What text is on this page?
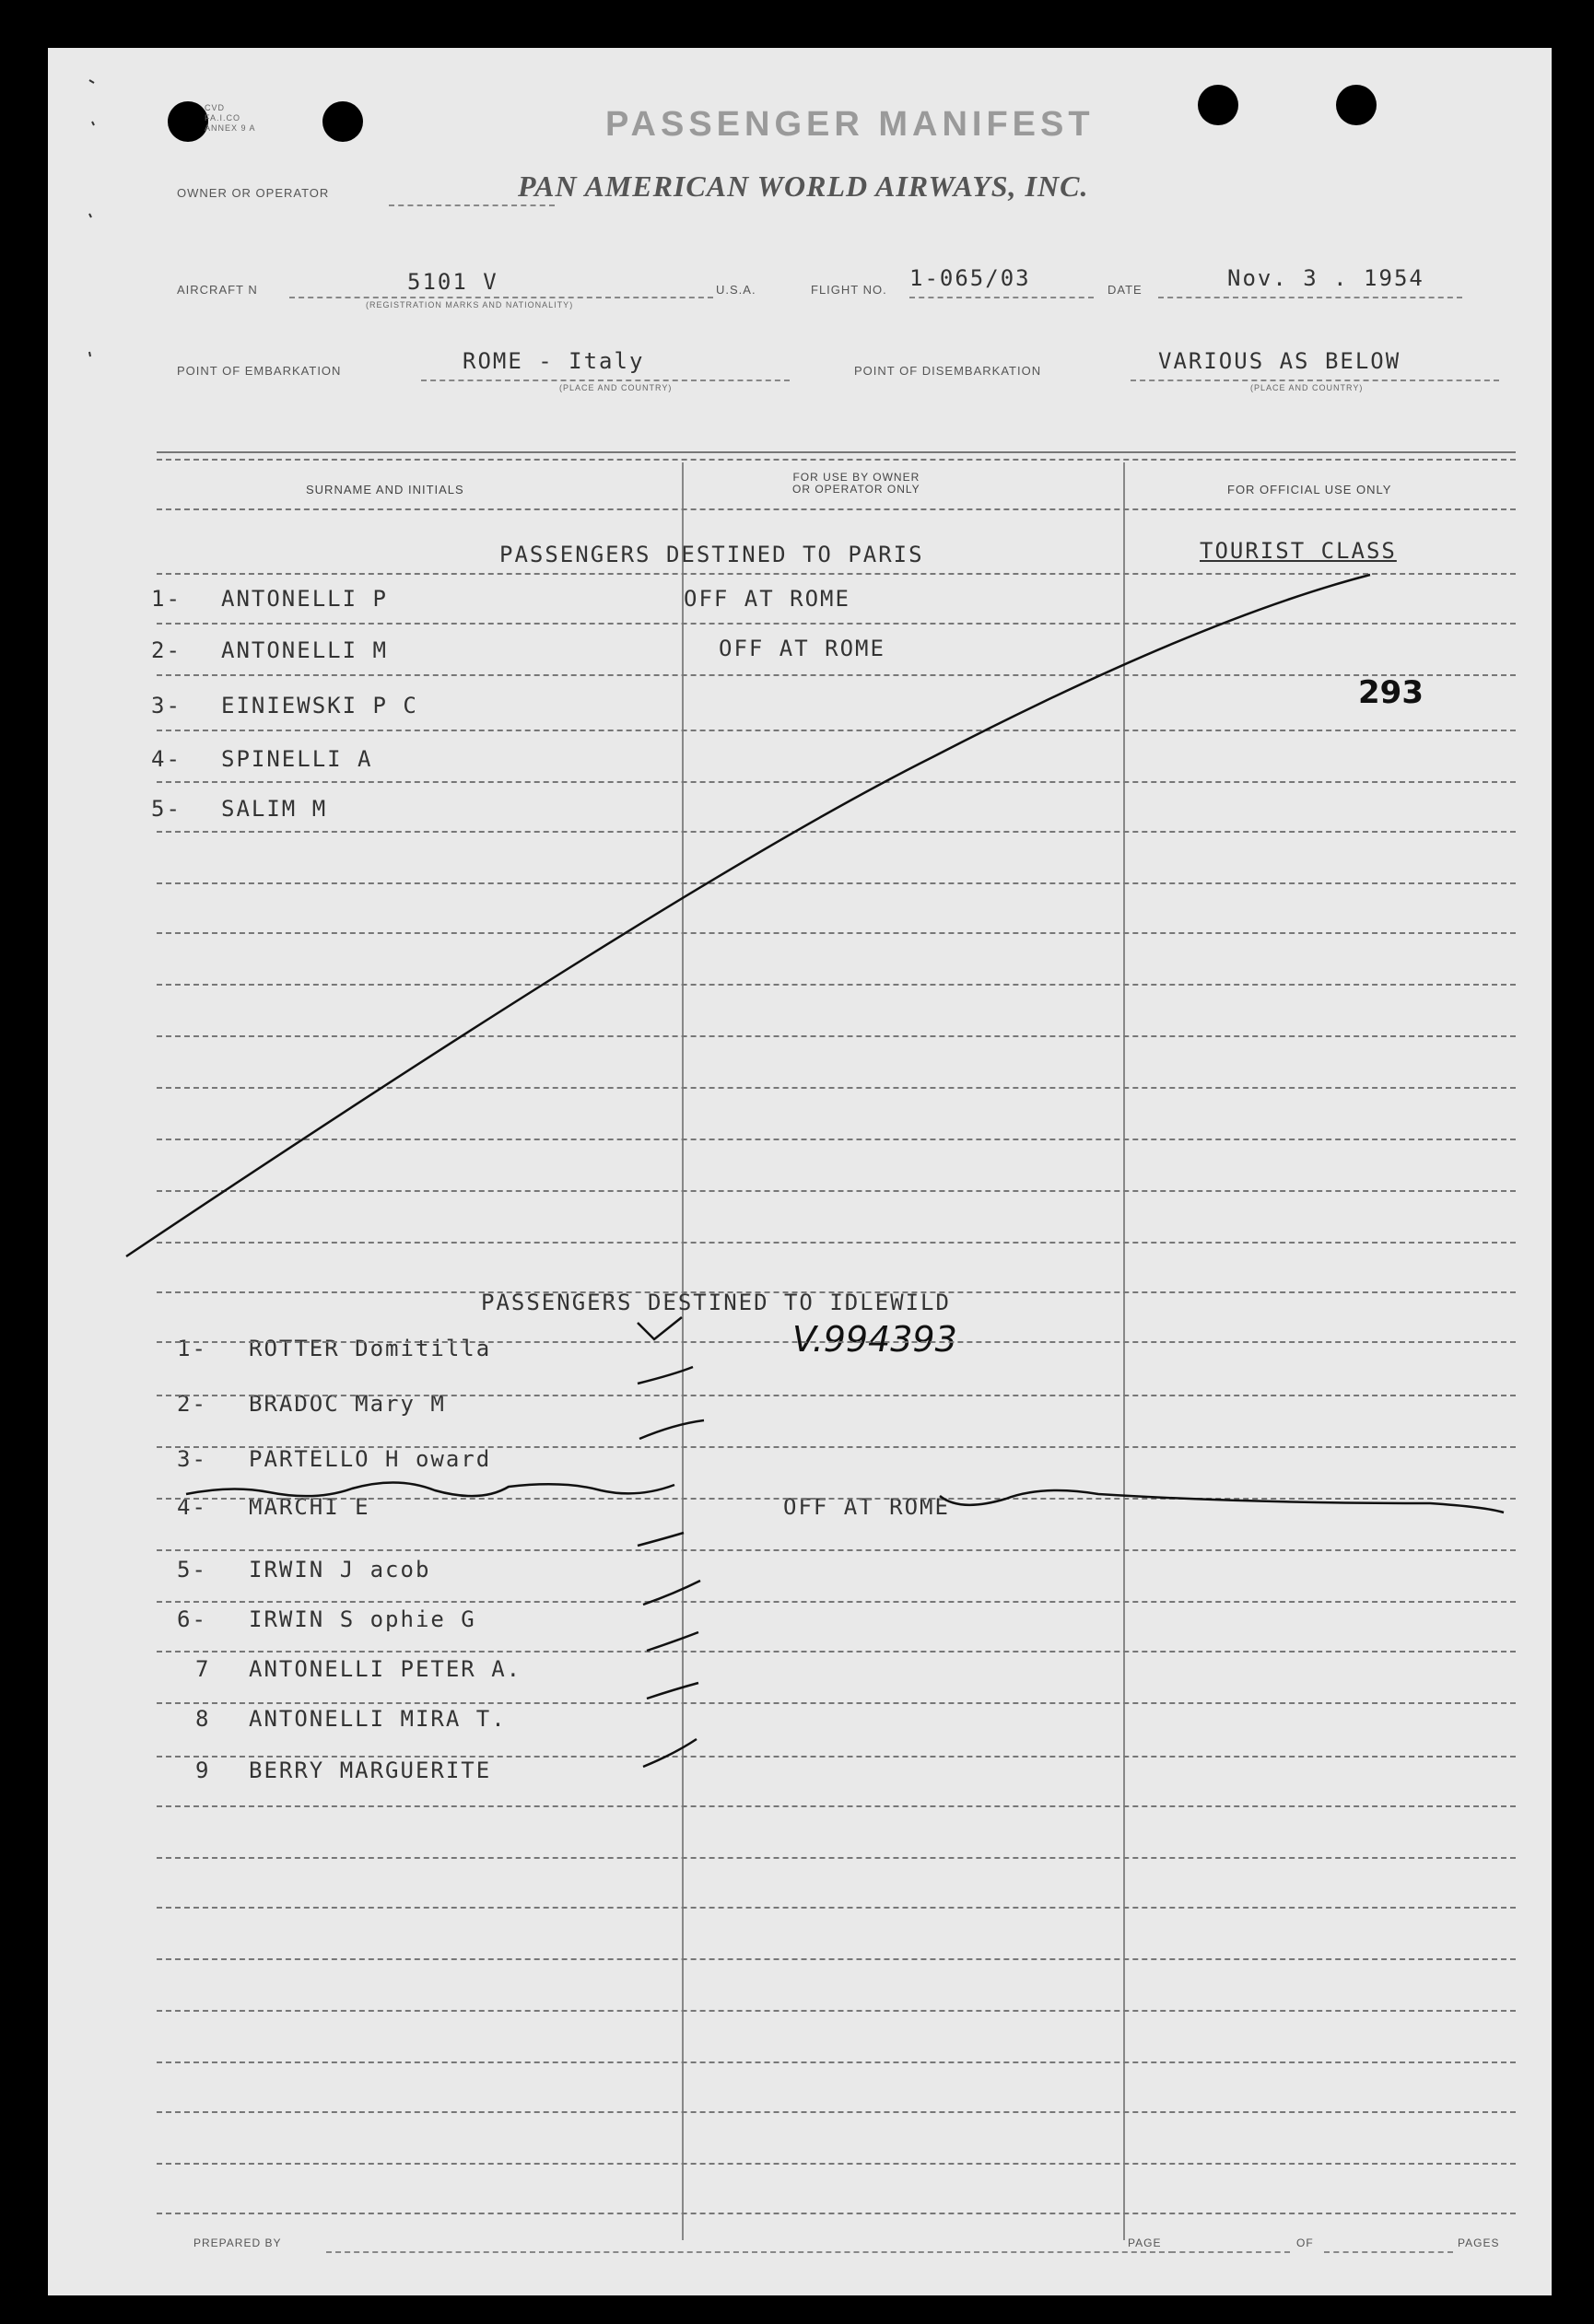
CVD
FA.I.CO
ANNEX 9 A	PASSENGER MANIFEST
OWNER OR OPERATOR	PAN AMERICAN WORLD AIRWAYS, INC.
AIRCRAFT N	5101 V
(REGISTRATION MARKS AND NATIONALITY)
U.S.A.	FLIGHT NO. 1-065/03	DATE	Nov. 3 . 1954
POINT OF EMBARKATION	ROME - Italy
(PLACE AND COUNTRY)
POINT OF DISEMBARKATION	VARIOUS AS BELOW
(PLACE AND COUNTRY)
SURNAME AND INITIALS
FOR USE BY OWNER
OR OPERATOR ONLY	FOR OFFICIAL USE ONLY
PASSENGERS DESTINED TO PARIS	TOURIST CLASS
293
1- ANTONELLI P	OFF AT ROME
2- ANTONELLI M	OFF AT ROME
3- EINIEWSKI P C
4- SPINELLI A
5- SALIM M
PASSENGERS DESTINED TO IDLEWILD
V.994393
1- ROTTER Domitilla
2- BRADOC Mary M
3- PARTELLO H oward
4- MARCHI E	OFF AT ROME
5- IRWIN J acob
6- IRWIN S ophie G
7 ANTONELLI PETER A.
8 ANTONELLI MIRA T.
9 BERRY MARGUERITE
PREPARED BY	PAGE	OF	PAGES
